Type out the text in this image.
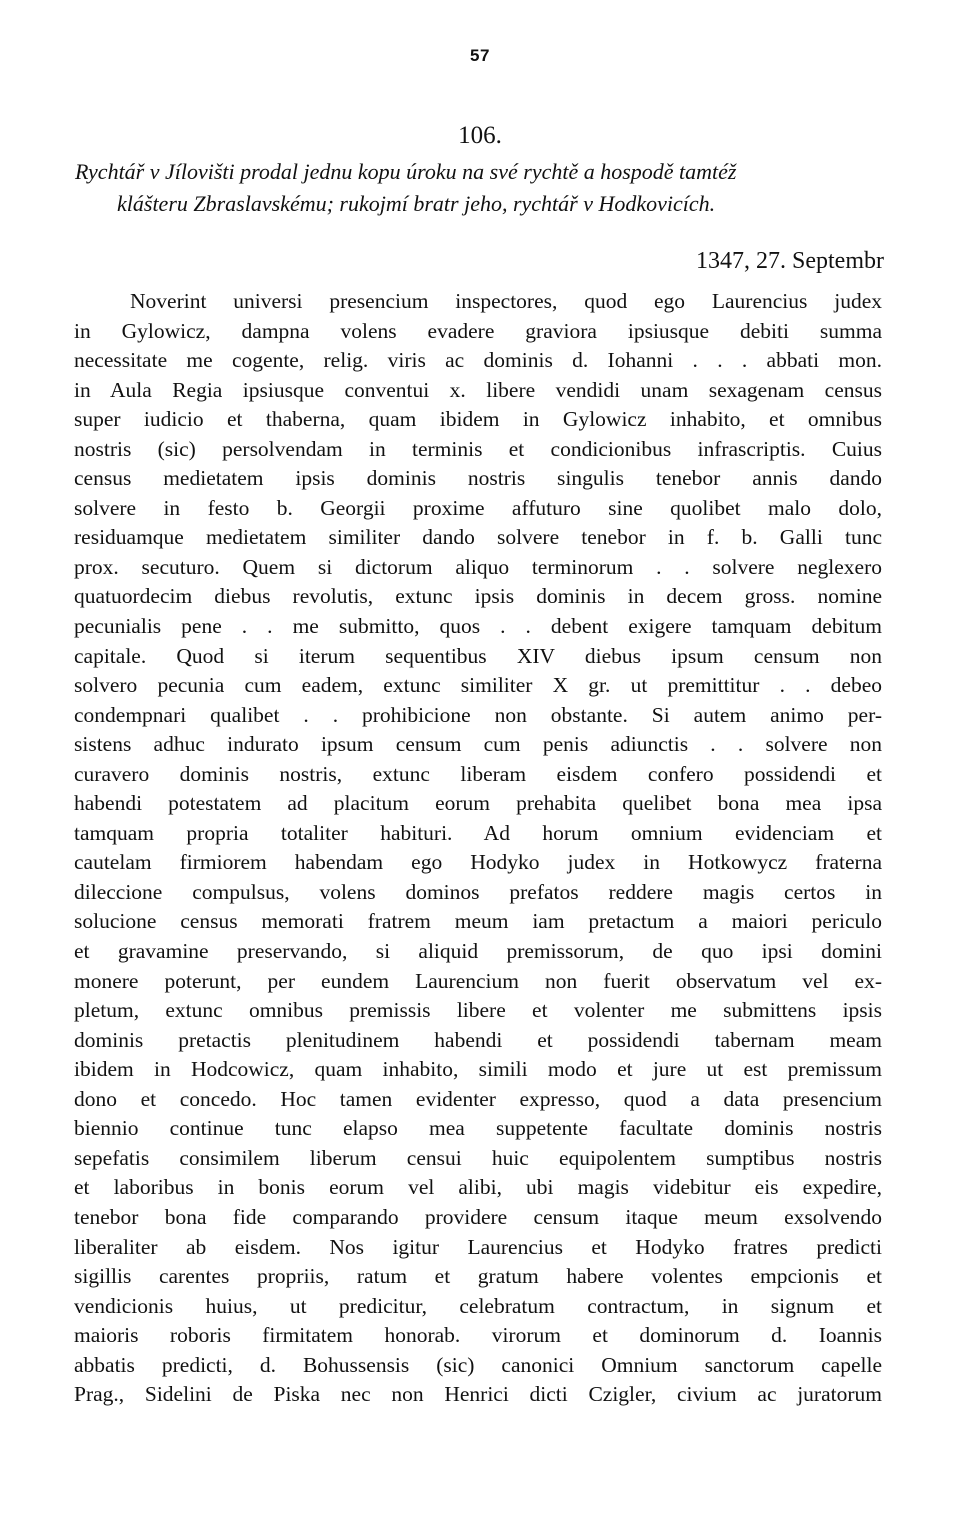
57
106.
Rychtář v Jílovišti prodal jednu kopu úroku na své rychtě a hospodě tamtéž
klášteru Zbraslavskému; rukojmí bratr jeho, rychtář v Hodkovicích.
1347, 27. Septembr
Noverint universi presencium inspectores, quod ego Laurencius judex
in Gylowicz, dampna volens evadere graviora ipsiusque debiti summa
necessitate me cogente, relig. viris ac dominis d. Iohanni . . . abbati mon.
in Aula Regia ipsiusque conventui x. libere vendidi unam sexagenam census
super iudicio et thaberna, quam ibidem in Gylowicz inhabito, et omnibus
nostris (sic) persolvendam in terminis et condicionibus infrascriptis. Cuius
census medietatem ipsis dominis nostris singulis tenebor annis dando
solvere in festo b. Georgii proxime affuturo sine quolibet malo dolo,
residuamque medietatem similiter dando solvere tenebor in f. b. Galli tunc
prox. secuturo. Quem si dictorum aliquo terminorum . . solvere neglexero
quatuordecim diebus revolutis, extunc ipsis dominis in decem gross. nomine
pecunialis pene . . me submitto, quos . . debent exigere tamquam debitum
capitale. Quod si iterum sequentibus XIV diebus ipsum censum non
solvero pecunia cum eadem, extunc similiter X gr. ut premittitur . . debeo
condempnari qualibet . . prohibicione non obstante. Si autem animo per-
sistens adhuc indurato ipsum censum cum penis adiunctis . . solvere non
curavero dominis nostris, extunc liberam eisdem confero possidendi et
habendi potestatem ad placitum eorum prehabita quelibet bona mea ipsa
tamquam propria totaliter habituri. Ad horum omnium evidenciam et
cautelam firmiorem habendam ego Hodyko judex in Hotkowycz fraterna
dileccione compulsus, volens dominos prefatos reddere magis certos in
solucione census memorati fratrem meum iam pretactum a maiori periculo
et gravamine preservando, si aliquid premissorum, de quo ipsi domini
monere poterunt, per eundem Laurencium non fuerit observatum vel ex-
pletum, extunc omnibus premissis libere et volenter me submittens ipsis
dominis pretactis plenitudinem habendi et possidendi tabernam meam
ibidem in Hodcowicz, quam inhabito, simili modo et jure ut est premissum
dono et concedo. Hoc tamen evidenter expresso, quod a data presencium
biennio continue tunc elapso mea suppetente facultate dominis nostris
sepefatis consimilem liberum censui huic equipolentem sumptibus nostris
et laboribus in bonis eorum vel alibi, ubi magis videbitur eis expedire,
tenebor bona fide comparando providere censum itaque meum exsolvendo
liberaliter ab eisdem. Nos igitur Laurencius et Hodyko fratres predicti
sigillis carentes propriis, ratum et gratum habere volentes empcionis et
vendicionis huius, ut predicitur, celebratum contractum, in signum et
maioris roboris firmitatem honorab. virorum et dominorum d. Ioannis
abbatis predicti, d. Bohussensis (sic) canonici Omnium sanctorum capelle
Prag., Sidelini de Piska nec non Henrici dicti Czigler, civium ac juratorum
